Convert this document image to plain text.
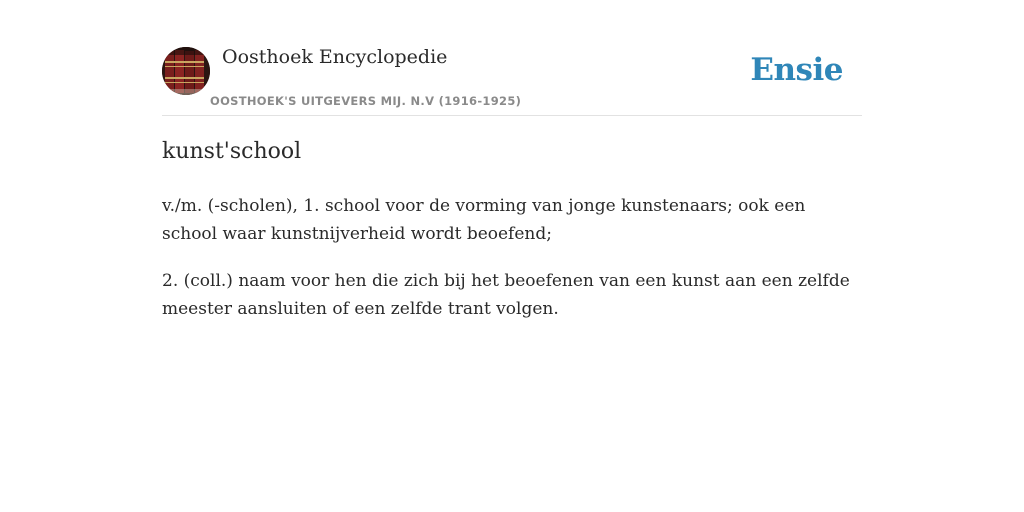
Oosthoek Encyclopedie
OOSTHOEK'S UITGEVERS MIJ. N.V (1916-1925)
Ensie
kunst'school

v./m. (-scholen), 1. school voor de vorming van jonge kunstenaars; ook een school waar kunstnijverheid wordt beoefend;

2. (coll.) naam voor hen die zich bij het beoefenen van een kunst aan een zelfde meester aansluiten of een zelfde trant volgen.
